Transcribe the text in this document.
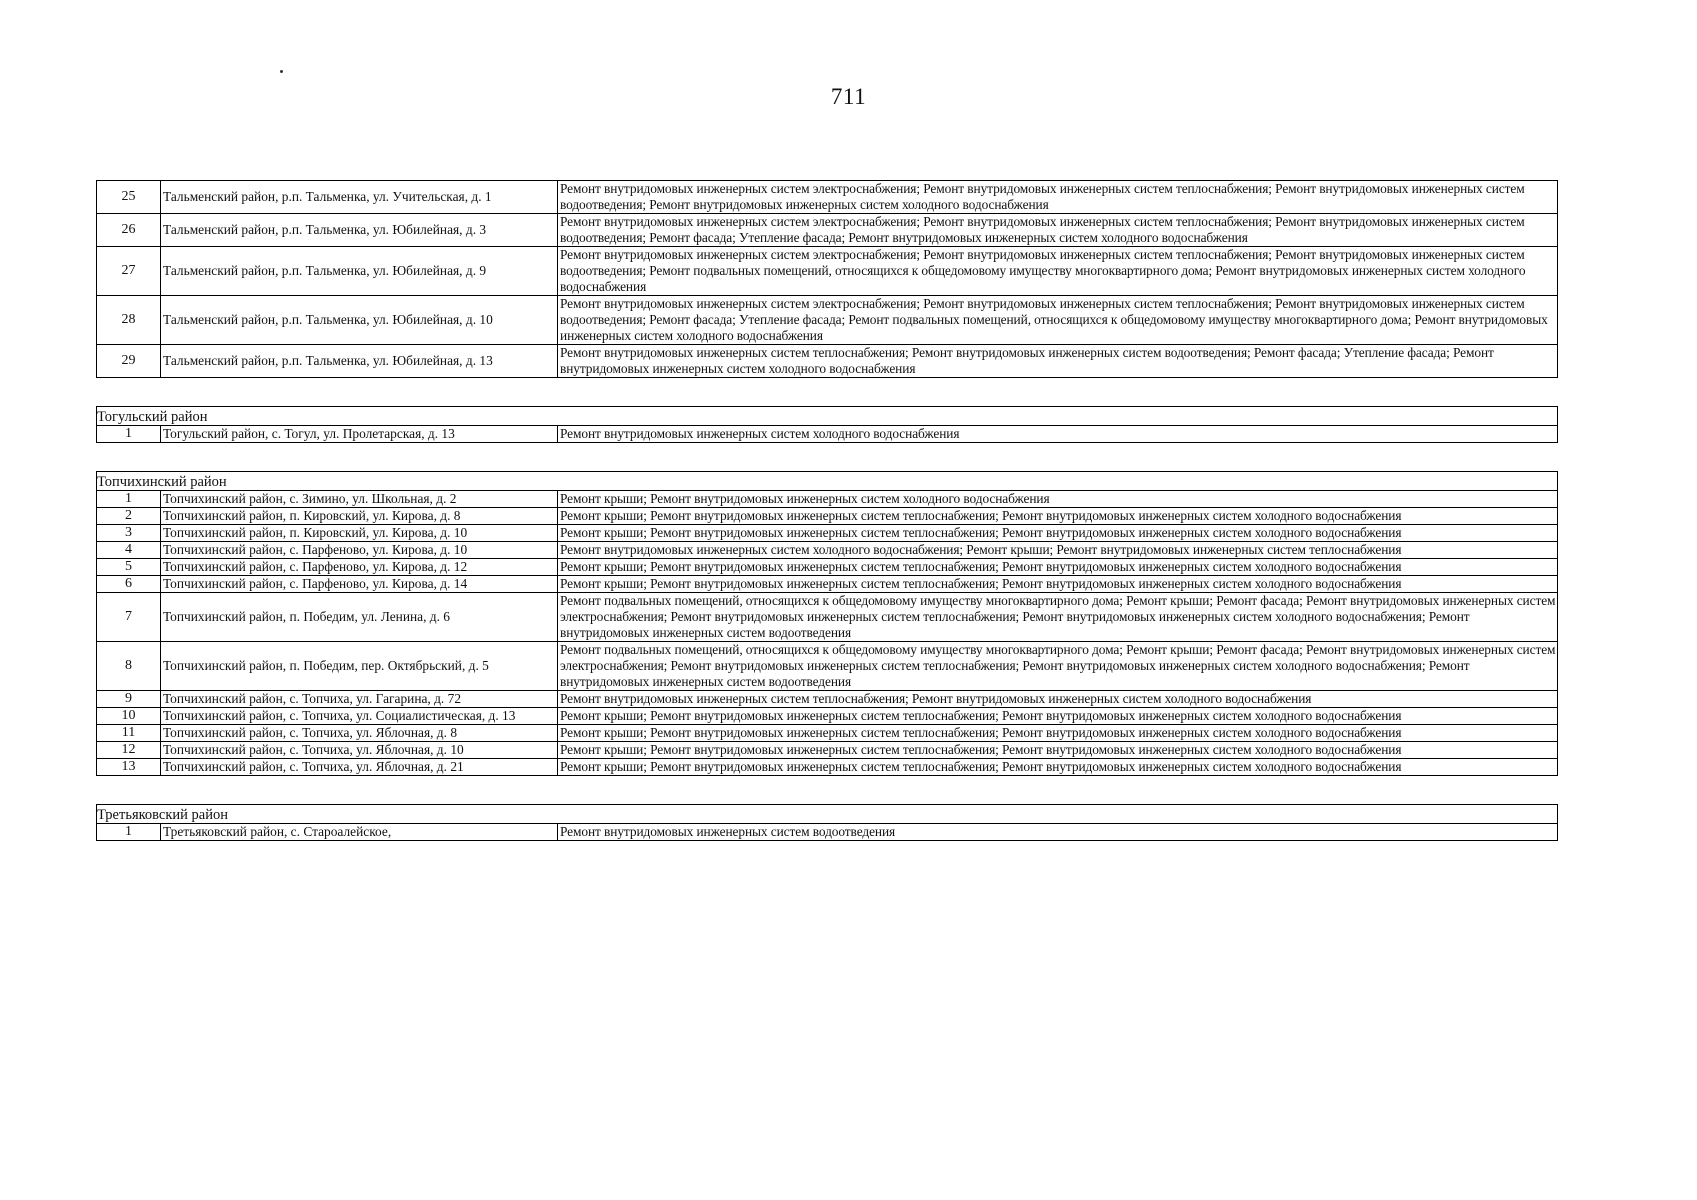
711
25	Тальменский район, р.п. Тальменка, ул. Учительская, д. 1	Ремонт внутридомовых инженерных систем электроснабжения; Ремонт внутридомовых инженерных систем теплоснабжения; Ремонт внутридомовых инженерных систем водоотведения; Ремонт внутридомовых инженерных систем холодного водоснабжения
26	Тальменский район, р.п. Тальменка, ул. Юбилейная, д. 3	Ремонт внутридомовых инженерных систем электроснабжения; Ремонт внутридомовых инженерных систем теплоснабжения; Ремонт внутридомовых инженерных систем водоотведения; Ремонт фасада; Утепление фасада; Ремонт внутридомовых инженерных систем холодного водоснабжения
27	Тальменский район, р.п. Тальменка, ул. Юбилейная, д. 9	Ремонт внутридомовых инженерных систем электроснабжения; Ремонт внутридомовых инженерных систем теплоснабжения; Ремонт внутридомовых инженерных систем водоотведения; Ремонт подвальных помещений, относящихся к общедомовому имуществу многоквартирного дома; Ремонт внутридомовых инженерных систем холодного водоснабжения
28	Тальменский район, р.п. Тальменка, ул. Юбилейная, д. 10	Ремонт внутридомовых инженерных систем электроснабжения; Ремонт внутридомовых инженерных систем теплоснабжения; Ремонт внутридомовых инженерных систем водоотведения; Ремонт фасада; Утепление фасада; Ремонт подвальных помещений, относящихся к общедомовому имуществу многоквартирного дома; Ремонт внутридомовых инженерных систем холодного водоснабжения
29	Тальменский район, р.п. Тальменка, ул. Юбилейная, д. 13	Ремонт внутридомовых инженерных систем теплоснабжения; Ремонт внутридомовых инженерных систем водоотведения; Ремонт фасада; Утепление фасада; Ремонт внутридомовых инженерных систем холодного водоснабжения

Тогульский район		
1	Тогульский район, с. Тогул, ул. Пролетарская, д. 13	Ремонт внутридомовых инженерных систем холодного водоснабжения

Топчихинский район		
1	Топчихинский район, с. Зимино, ул. Школьная, д. 2	Ремонт крыши; Ремонт внутридомовых инженерных систем холодного водоснабжения
2	Топчихинский район, п. Кировский, ул. Кирова, д. 8	Ремонт крыши; Ремонт внутридомовых инженерных систем теплоснабжения; Ремонт внутридомовых инженерных систем холодного водоснабжения
3	Топчихинский район, п. Кировский, ул. Кирова, д. 10	Ремонт крыши; Ремонт внутридомовых инженерных систем теплоснабжения; Ремонт внутридомовых инженерных систем холодного водоснабжения
4	Топчихинский район, с. Парфеново, ул. Кирова, д. 10	Ремонт внутридомовых инженерных систем холодного водоснабжения; Ремонт крыши; Ремонт внутридомовых инженерных систем теплоснабжения
5	Топчихинский район, с. Парфеново, ул. Кирова, д. 12	Ремонт крыши; Ремонт внутридомовых инженерных систем теплоснабжения; Ремонт внутридомовых инженерных систем холодного водоснабжения
6	Топчихинский район, с. Парфеново, ул. Кирова, д. 14	Ремонт крыши; Ремонт внутридомовых инженерных систем теплоснабжения; Ремонт внутридомовых инженерных систем холодного водоснабжения
7	Топчихинский район, п. Победим, ул. Ленина, д. 6	Ремонт подвальных помещений, относящихся к общедомовому имуществу многоквартирного дома; Ремонт крыши; Ремонт фасада; Ремонт внутридомовых инженерных систем электроснабжения; Ремонт внутридомовых инженерных систем теплоснабжения; Ремонт внутридомовых инженерных систем холодного водоснабжения; Ремонт внутридомовых инженерных систем водоотведения
8	Топчихинский район, п. Победим, пер. Октябрьский, д. 5	Ремонт подвальных помещений, относящихся к общедомовому имуществу многоквартирного дома; Ремонт крыши; Ремонт фасада; Ремонт внутридомовых инженерных систем электроснабжения; Ремонт внутридомовых инженерных систем теплоснабжения; Ремонт внутридомовых инженерных систем холодного водоснабжения; Ремонт внутридомовых инженерных систем водоотведения
9	Топчихинский район, с. Топчиха, ул. Гагарина, д. 72	Ремонт внутридомовых инженерных систем теплоснабжения; Ремонт внутридомовых инженерных систем холодного водоснабжения
10	Топчихинский район, с. Топчиха, ул. Социалистическая, д. 13	Ремонт крыши; Ремонт внутридомовых инженерных систем теплоснабжения; Ремонт внутридомовых инженерных систем холодного водоснабжения
11	Топчихинский район, с. Топчиха, ул. Яблочная, д. 8	Ремонт крыши; Ремонт внутридомовых инженерных систем теплоснабжения; Ремонт внутридомовых инженерных систем холодного водоснабжения
12	Топчихинский район, с. Топчиха, ул. Яблочная, д. 10	Ремонт крыши; Ремонт внутридомовых инженерных систем теплоснабжения; Ремонт внутридомовых инженерных систем холодного водоснабжения
13	Топчихинский район, с. Топчиха, ул. Яблочная, д. 21	Ремонт крыши; Ремонт внутридомовых инженерных систем теплоснабжения; Ремонт внутридомовых инженерных систем холодного водоснабжения

Третьяковский район		
1	Третьяковский район, с. Староалейское,	Ремонт внутридомовых инженерных систем водоотведения
